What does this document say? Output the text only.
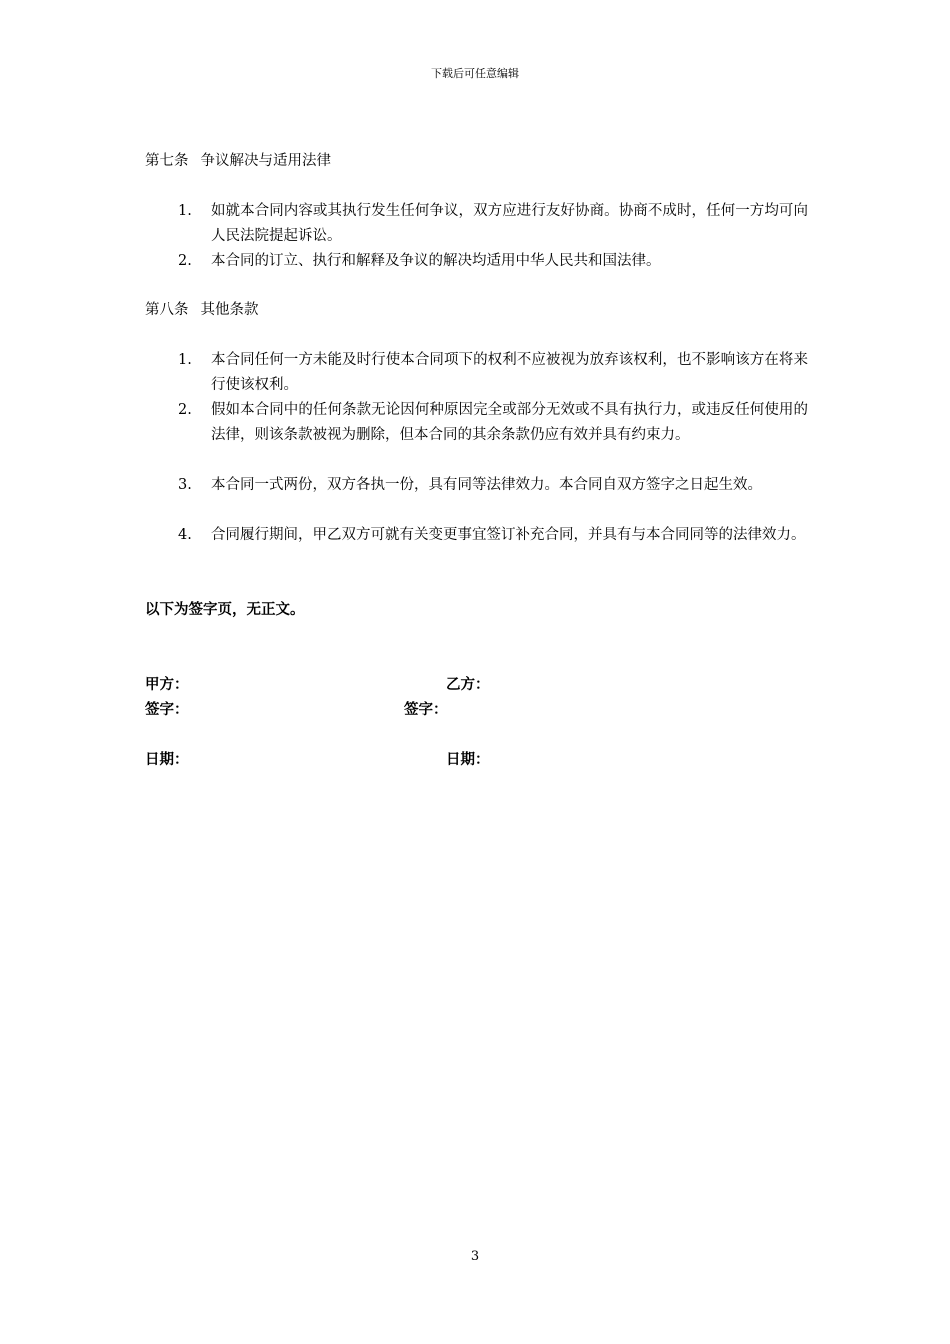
下载后可任意编辑
第七条 争议解决与适用法律
1.	如就本合同内容或其执行发生任何争议，双方应进行友好协商。协商不成时，任何一方均可向人民法院提起诉讼。
2.	本合同的订立、执行和解释及争议的解决均适用中华人民共和国法律。
第八条 其他条款
1.	本合同任何一方未能及时行使本合同项下的权利不应被视为放弃该权利，也不影响该方在将来行使该权利。
2.	假如本合同中的任何条款无论因何种原因完全或部分无效或不具有执行力，或违反任何使用的法律，则该条款被视为删除，但本合同的其余条款仍应有效并具有约束力。
3.	本合同一式两份，双方各执一份，具有同等法律效力。本合同自双方签字之日起生效。
4.	合同履行期间，甲乙双方可就有关变更事宜签订补充合同，并具有与本合同同等的法律效力。
以下为签字页，无正文。
甲方：	乙方：
签字：	签字：
日期：	日期：
3
